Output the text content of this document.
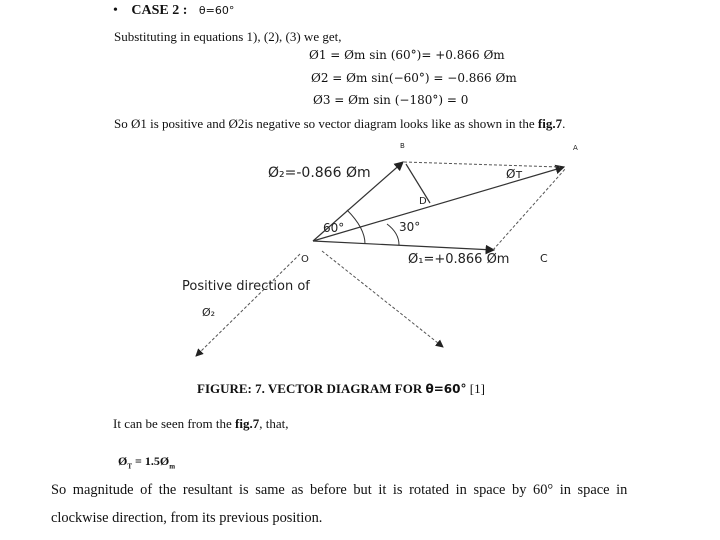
• CASE 2 : θ=60°
Substituting in equations 1), (2), (3) we get,
Ø1 = Øm sin (60°)= +0.866 Øm
Ø2 = Øm sin(−60°) = −0.866 Øm
Ø3 = Øm sin (−180°) = 0
So Ø1 is positive and Ø2is negative so vector diagram looks like as shown in the fig.7.
B	A
C
D
O
Ø₂=-0.866 Øm
Ø₁=+0.866 Øm
Øт
60°	30°
Positive direction of
Ø₂
FIGURE: 7. VECTOR DIAGRAM FOR θ=60° [1]
It can be seen from the fig.7, that,
$Ø_T$ = $1.5Ø_m$
So magnitude of the resultant is same as before but it is rotated in space by 60° in space in
clockwise direction, from its previous position.
